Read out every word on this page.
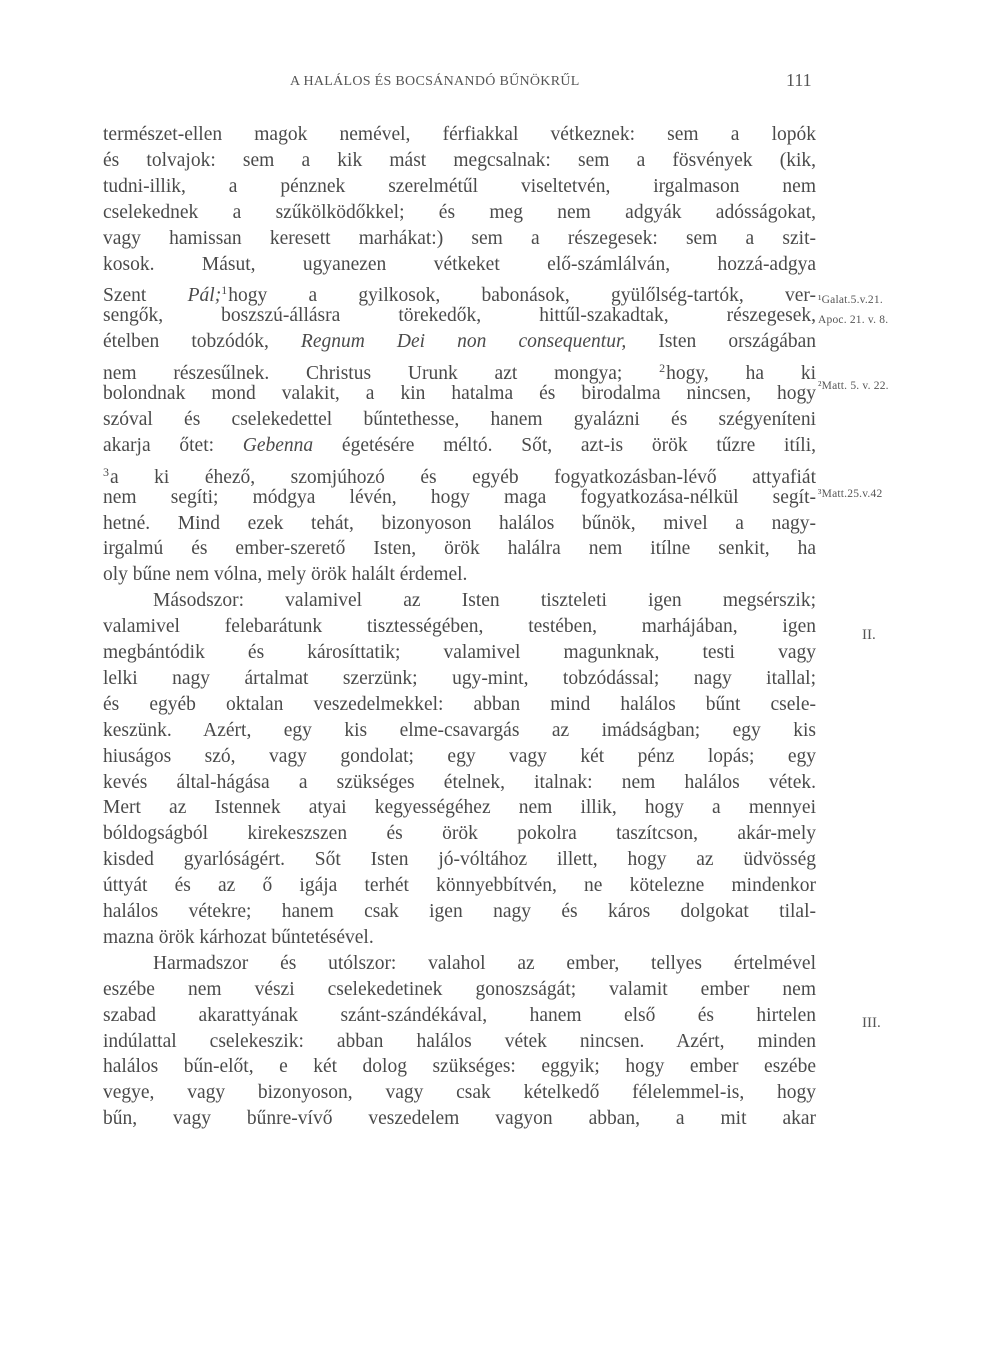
A HALÁLOS ÉS BOCSÁNANDÓ BŰNÖKRŰL	111
természet-ellen magok nemével, férfiakkal vétkeznek: sem a lopók
és tolvajok: sem a kik mást megcsalnak: sem a fösvények (kik,
tudni-illik, a pénznek szerelmétűl viseltetvén, irgalmason nem
cselekednek a szűkölködőkkel; és meg nem adgyák adósságokat,
vagy hamissan keresett marhákat:) sem a részegesek: sem a szit-
kosok. Másut, ugyanezen vétkeket elő-számlálván, hozzá-adgya
Szent Pál;$^1$hogy a gyilkosok, babonások, gyülőlség-tartók, ver-
sengők, boszszú-állásra törekedők, hittűl-szakadtak, részegesek,
ételben tobzódók, Regnum Dei non consequentur, Isten országában
nem részesűlnek. Christus Urunk azt mongya; $^2$hogy, ha ki
bolondnak mond valakit, a kin hatalma és birodalma nincsen, hogy
szóval és cselekedettel bűntethesse, hanem gyalázni és szégyeníteni
akarja őtet: Gebenna égetésére méltó. Sőt, azt-is örök tűzre itíli,
$^3$a ki éhező, szomjúhozó és egyéb fogyatkozásban-lévő attyafiát
nem segíti; módgya lévén, hogy maga fogyatkozása-nélkül segít-
hetné. Mind ezek tehát, bizonyoson halálos bűnök, mivel a nagy-
irgalmú és ember-szerető Isten, örök halálra nem itílne senkit, ha
oly bűne nem vólna, mely örök halált érdemel.
Másodszor: valamivel az Isten tiszteleti igen megsérszik;
valamivel felebarátunk tisztességében, testében, marhájában, igen
megbántódik és károsíttatik; valamivel magunknak, testi vagy
lelki nagy ártalmat szerzünk; ugy-mint, tobzódással; nagy itallal;
és egyéb oktalan veszedelmekkel: abban mind halálos bűnt csele-
keszünk. Azért, egy kis elme-csavargás az imádságban; egy kis
hiuságos szó, vagy gondolat; egy vagy két pénz lopás; egy
kevés által-hágása a szükséges ételnek, italnak: nem halálos vétek.
Mert az Istennek atyai kegyességéhez nem illik, hogy a mennyei
bóldogságból kirekeszszen és örök pokolra taszítcson, akár-mely
kisded gyarlóságért. Sőt Isten jó-vóltához illett, hogy az üdvösség
úttyát és az ő igája terhét könnyebbítvén, ne kötelezne mindenkor
halálos vétekre; hanem csak igen nagy és káros dolgokat tilal-
mazna örök kárhozat bűntetésével.
Harmadszor és utólszor: valahol az ember, tellyes értelmével
eszébe nem vészi cselekedetinek gonoszságát; valamit ember nem
szabad akarattyának szánt-szándékával, hanem első és hirtelen
indúlattal cselekeszik: abban halálos vétek nincsen. Azért, minden
halálos bűn-előt, e két dolog szükséges: eggyik; hogy ember eszébe
vegye, vagy bizonyoson, vagy csak kételkedő félelemmel-is, hogy
bűn, vagy bűnre-vívő veszedelem vagyon abban, a mit akar
¹Galat.5.v.21.
Apoc. 21. v. 8.
²Matt. 5. v. 22.
³Matt.25.v.42
II.
III.
